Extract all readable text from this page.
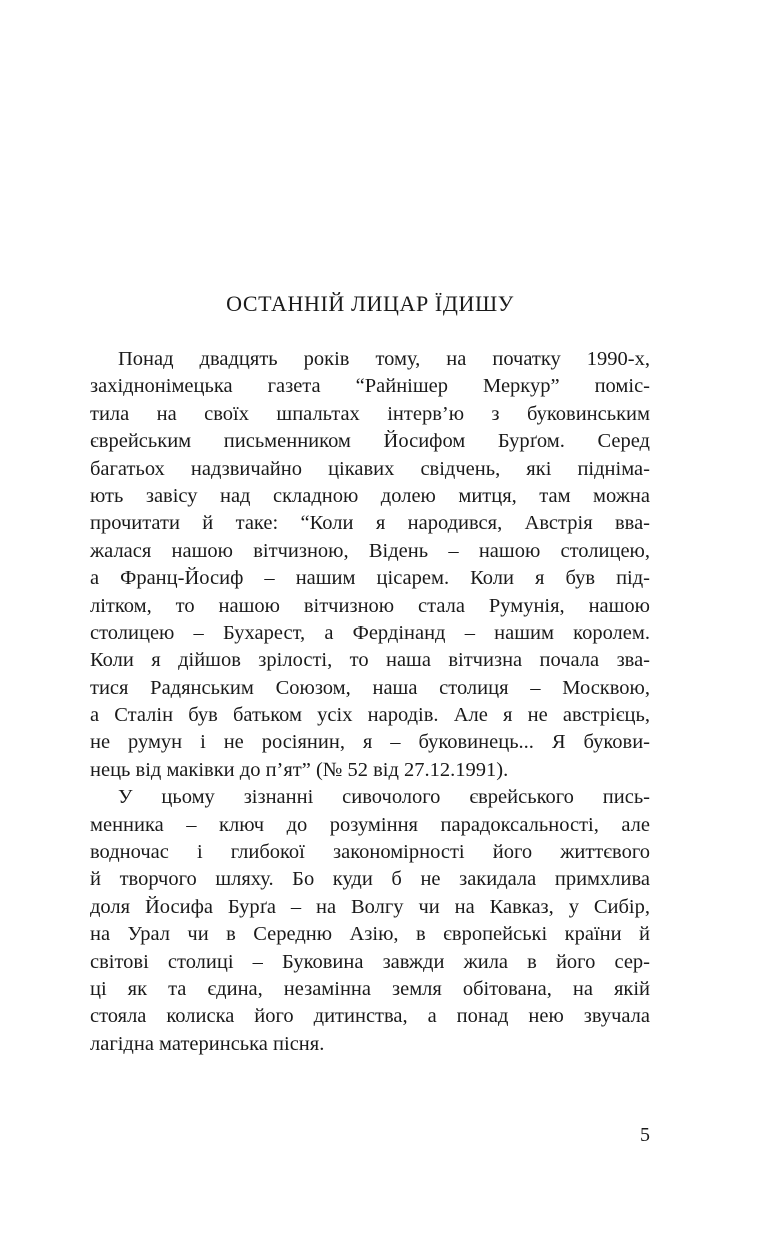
ОСТАННІЙ ЛИЦАР ЇДИШУ

Понад двадцять років тому, на початку 1990-х,
західнонімецька газета “Райнішер Меркур” поміс-
тила на своїх шпальтах інтерв’ю з буковинським
єврейським письменником Йосифом Бурґом. Серед
багатьох надзвичайно цікавих свідчень, які підніма-
ють завісу над складною долею митця, там можна
прочитати й таке: “Коли я народився, Австрія вва-
жалася нашою вітчизною, Відень – нашою столицею,
а Франц-Йосиф – нашим цісарем. Коли я був під-
літком, то нашою вітчизною стала Румунія, нашою
столицею – Бухарест, а Фердінанд – нашим королем.
Коли я дійшов зрілості, то наша вітчизна почала зва-
тися Радянським Союзом, наша столиця – Москвою,
а Сталін був батьком усіх народів. Але я не австрієць,
не румун і не росіянин, я – буковинець... Я букови-
нець від маківки до п’ят” (№ 52 від 27.12.1991).

У цьому зізнанні сивочолого єврейського пись-
менника – ключ до розуміння парадоксальності, але
водночас і глибокої закономірності його життєвого
й творчого шляху. Бо куди б не закидала примхлива
доля Йосифа Бурґа – на Волгу чи на Кавказ, у Сибір,
на Урал чи в Середню Азію, в європейські країни й
світові столиці – Буковина завжди жила в його сер-
ці як та єдина, незамінна земля обітована, на якій
стояла колиска його дитинства, а понад нею звучала
лагідна материнська пісня.

5
